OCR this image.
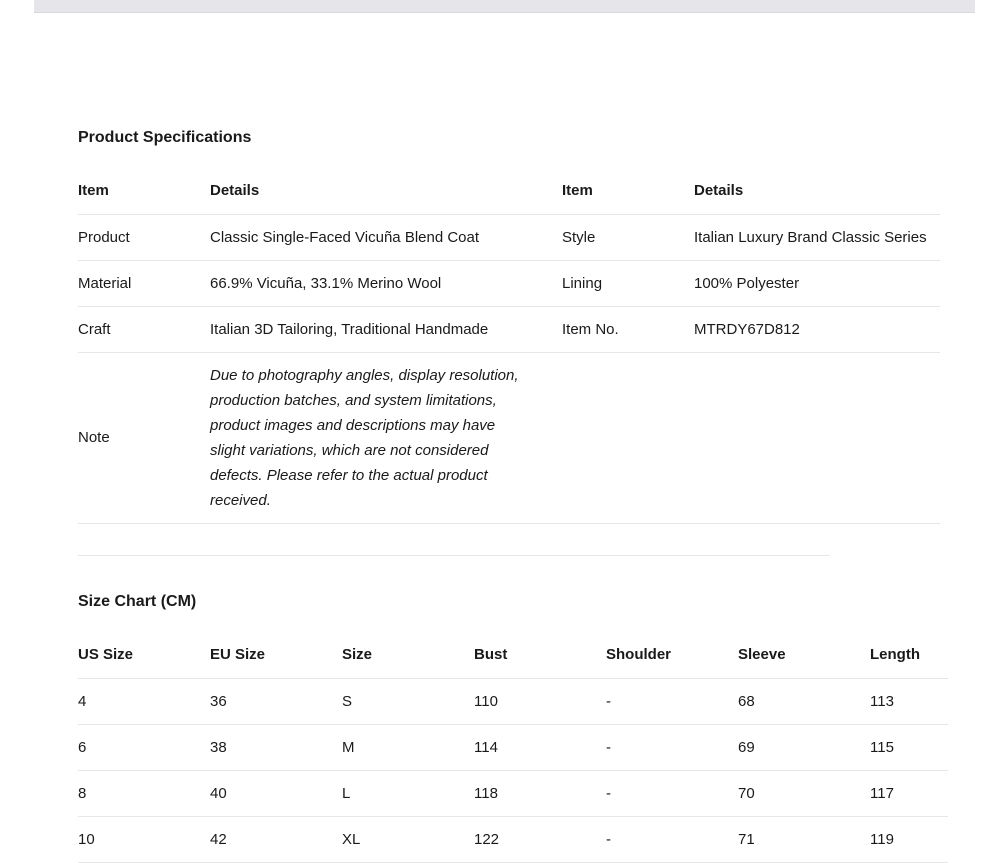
Product Specifications
Item	Details	Item	Details
Product	Classic Single-Faced Vicuña Blend Coat	Style	Italian Luxury Brand Classic Series
Material	66.9% Vicuña, 33.1% Merino Wool	Lining	100% Polyester
Craft	Italian 3D Tailoring, Traditional Handmade	Item No.	MTRDY67D812
Note	Due to photography angles, display resolution, production batches, and system limitations, product images and descriptions may have slight variations, which are not considered defects. Please refer to the actual product received.		

Size Chart (CM)
US Size	EU Size	Size	Bust	Shoulder	Sleeve	Length
4	36	S	110	-	68	113
6	38	M	114	-	69	115
8	40	L	118	-	70	117
10	42	XL	122	-	71	119
